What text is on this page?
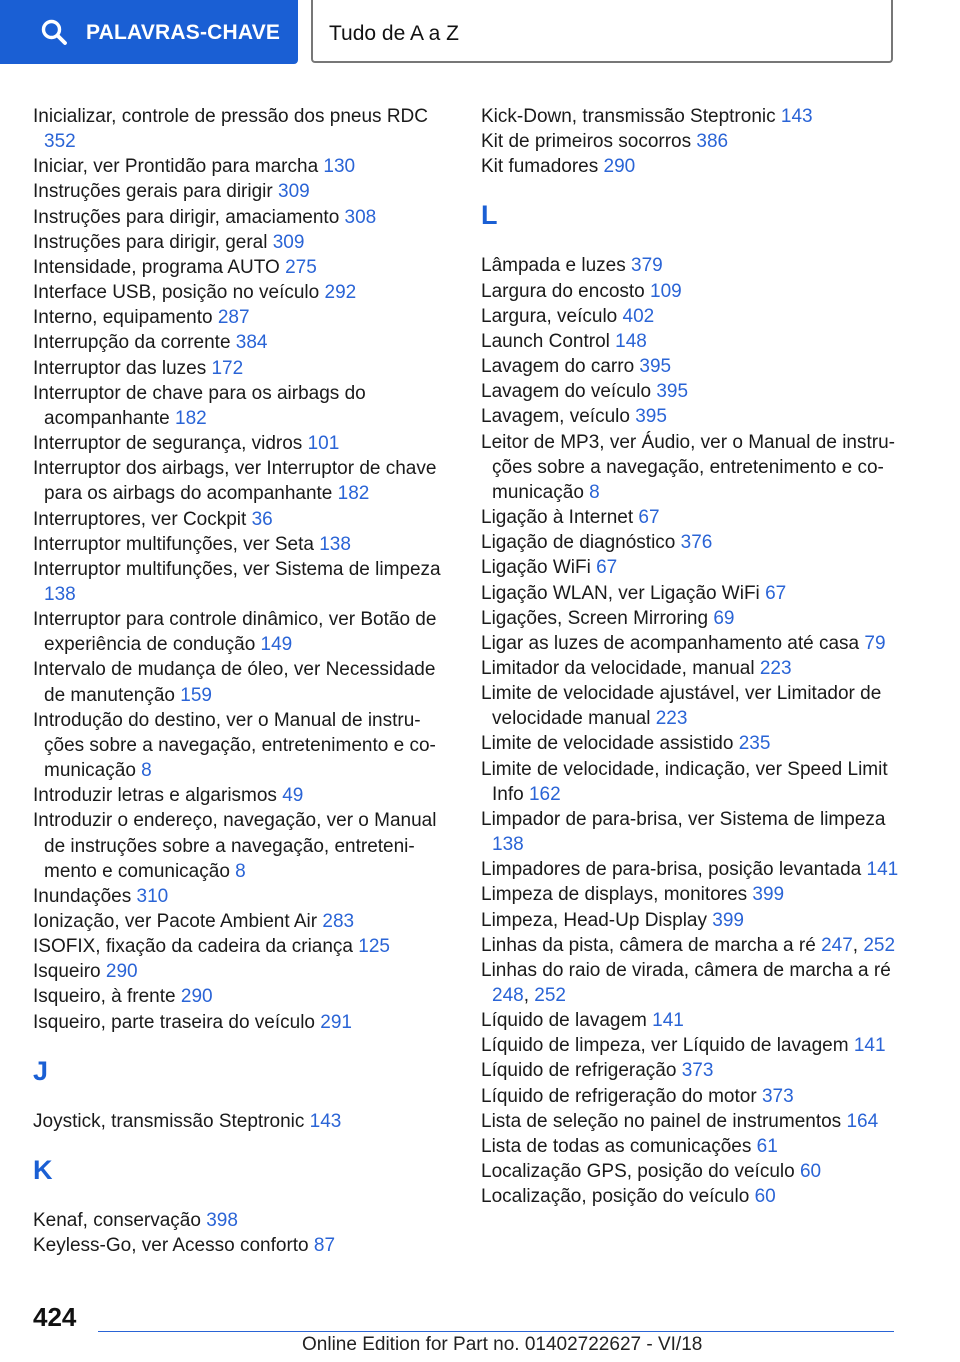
PALAVRAS-CHAVE Tudo de A a Z
Inicializar, controle de pressão dos pneus RDC 352
Iniciar, ver Prontidão para marcha 130
Instruções gerais para dirigir 309
Instruções para dirigir, amaciamento 308
Instruções para dirigir, geral 309
Intensidade, programa AUTO 275
Interface USB, posição no veículo 292
Interno, equipamento 287
Interrupção da corrente 384
Interruptor das luzes 172
Interruptor de chave para os airbags do acompanhante 182
Interruptor de segurança, vidros 101
Interruptor dos airbags, ver Interruptor de chave para os airbags do acompanhante 182
Interruptores, ver Cockpit 36
Interruptor multifunções, ver Seta 138
Interruptor multifunções, ver Sistema de limpeza 138
Interruptor para controle dinâmico, ver Botão de experiência de condução 149
Intervalo de mudança de óleo, ver Necessidade de manutenção 159
Introdução do destino, ver o Manual de instruções sobre a navegação, entretenimento e comunicação 8
Introduzir letras e algarismos 49
Introduzir o endereço, navegação, ver o Manual de instruções sobre a navegação, entretenimento e comunicação 8
Inundações 310
Ionização, ver Pacote Ambient Air 283
ISOFIX, fixação da cadeira da criança 125
Isqueiro 290
Isqueiro, à frente 290
Isqueiro, parte traseira do veículo 291
J
Joystick, transmissão Steptronic 143
K
Kenaf, conservação 398
Keyless-Go, ver Acesso conforto 87
Kick-Down, transmissão Steptronic 143
Kit de primeiros socorros 386
Kit fumadores 290
L
Lâmpada e luzes 379
Largura do encosto 109
Largura, veículo 402
Launch Control 148
Lavagem do carro 395
Lavagem do veículo 395
Lavagem, veículo 395
Leitor de MP3, ver Áudio, ver o Manual de instruções sobre a navegação, entretenimento e comunicação 8
Ligação à Internet 67
Ligação de diagnóstico 376
Ligação WiFi 67
Ligação WLAN, ver Ligação WiFi 67
Ligações, Screen Mirroring 69
Ligar as luzes de acompanhamento até casa 79
Limitador da velocidade, manual 223
Limite de velocidade ajustável, ver Limitador de velocidade manual 223
Limite de velocidade assistido 235
Limite de velocidade, indicação, ver Speed Limit Info 162
Limpador de para-brisa, ver Sistema de limpeza 138
Limpadores de para-brisa, posição levantada 141
Limpeza de displays, monitores 399
Limpeza, Head-Up Display 399
Linhas da pista, câmera de marcha a ré 247, 252
Linhas do raio de virada, câmera de marcha a ré 248, 252
Líquido de lavagem 141
Líquido de limpeza, ver Líquido de lavagem 141
Líquido de refrigeração 373
Líquido de refrigeração do motor 373
Lista de seleção no painel de instrumentos 164
Lista de todas as comunicações 61
Localização GPS, posição do veículo 60
Localização, posição do veículo 60
424
Online Edition for Part no. 01402722627 - VI/18
